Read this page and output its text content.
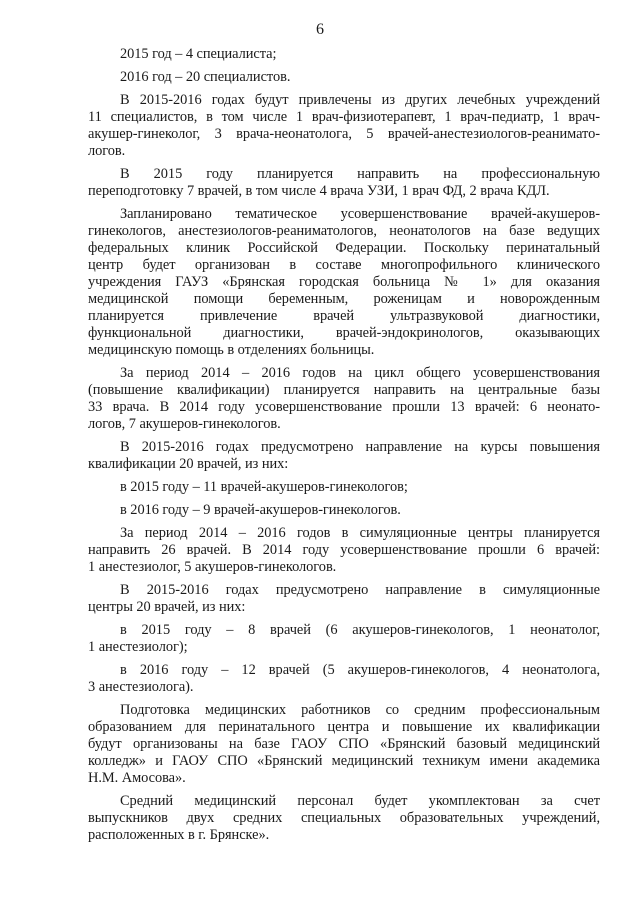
6
2015 год – 4 специалиста;
2016 год – 20 специалистов.
В 2015-2016 годах будут привлечены из других лечебных учреждений
11 специалистов, в том числе 1 врач-физиотерапевт, 1 врач-педиатр, 1 врач-
акушер-гинеколог, 3 врача-неонатолога, 5 врачей-анестезиологов-реанимато-
логов.
В 2015 году планируется направить на профессиональную
переподготовку 7 врачей, в том числе 4 врача УЗИ, 1 врач ФД, 2 врача КДЛ.
Запланировано тематическое усовершенствование врачей-акушеров-
гинекологов, анестезиологов-реаниматологов, неонатологов на базе ведущих
федеральных клиник Российской Федерации. Поскольку перинатальный
центр будет организован в составе многопрофильного клинического
учреждения ГАУЗ «Брянская городская больница № 1» для оказания
медицинской помощи беременным, роженицам и новорожденным
планируется привлечение врачей ультразвуковой диагностики,
функциональной диагностики, врачей-эндокринологов, оказывающих
медицинскую помощь в отделениях больницы.
За период 2014 – 2016 годов на цикл общего усовершенствования
(повышение квалификации) планируется направить на центральные базы
33 врача. В 2014 году усовершенствование прошли 13 врачей: 6 неонато-
логов, 7 акушеров-гинекологов.
В 2015-2016 годах предусмотрено направление на курсы повышения
квалификации 20 врачей, из них:
в 2015 году – 11 врачей-акушеров-гинекологов;
в 2016 году – 9 врачей-акушеров-гинекологов.
За период 2014 – 2016 годов в симуляционные центры планируется
направить 26 врачей. В 2014 году усовершенствование прошли 6 врачей:
1 анестезиолог, 5 акушеров-гинекологов.
В 2015-2016 годах предусмотрено направление в симуляционные
центры 20 врачей, из них:
в 2015 году – 8 врачей (6 акушеров-гинекологов, 1 неонатолог,
1 анестезиолог);
в 2016 году – 12 врачей (5 акушеров-гинекологов, 4 неонатолога,
3 анестезиолога).
Подготовка медицинских работников со средним профессиональным
образованием для перинатального центра и повышение их квалификации
будут организованы на базе ГАОУ СПО «Брянский базовый медицинский
колледж» и ГАОУ СПО «Брянский медицинский техникум имени академика
Н.М. Амосова».
Средний медицинский персонал будет укомплектован за счет
выпускников двух средних специальных образовательных учреждений,
расположенных в г. Брянске».
